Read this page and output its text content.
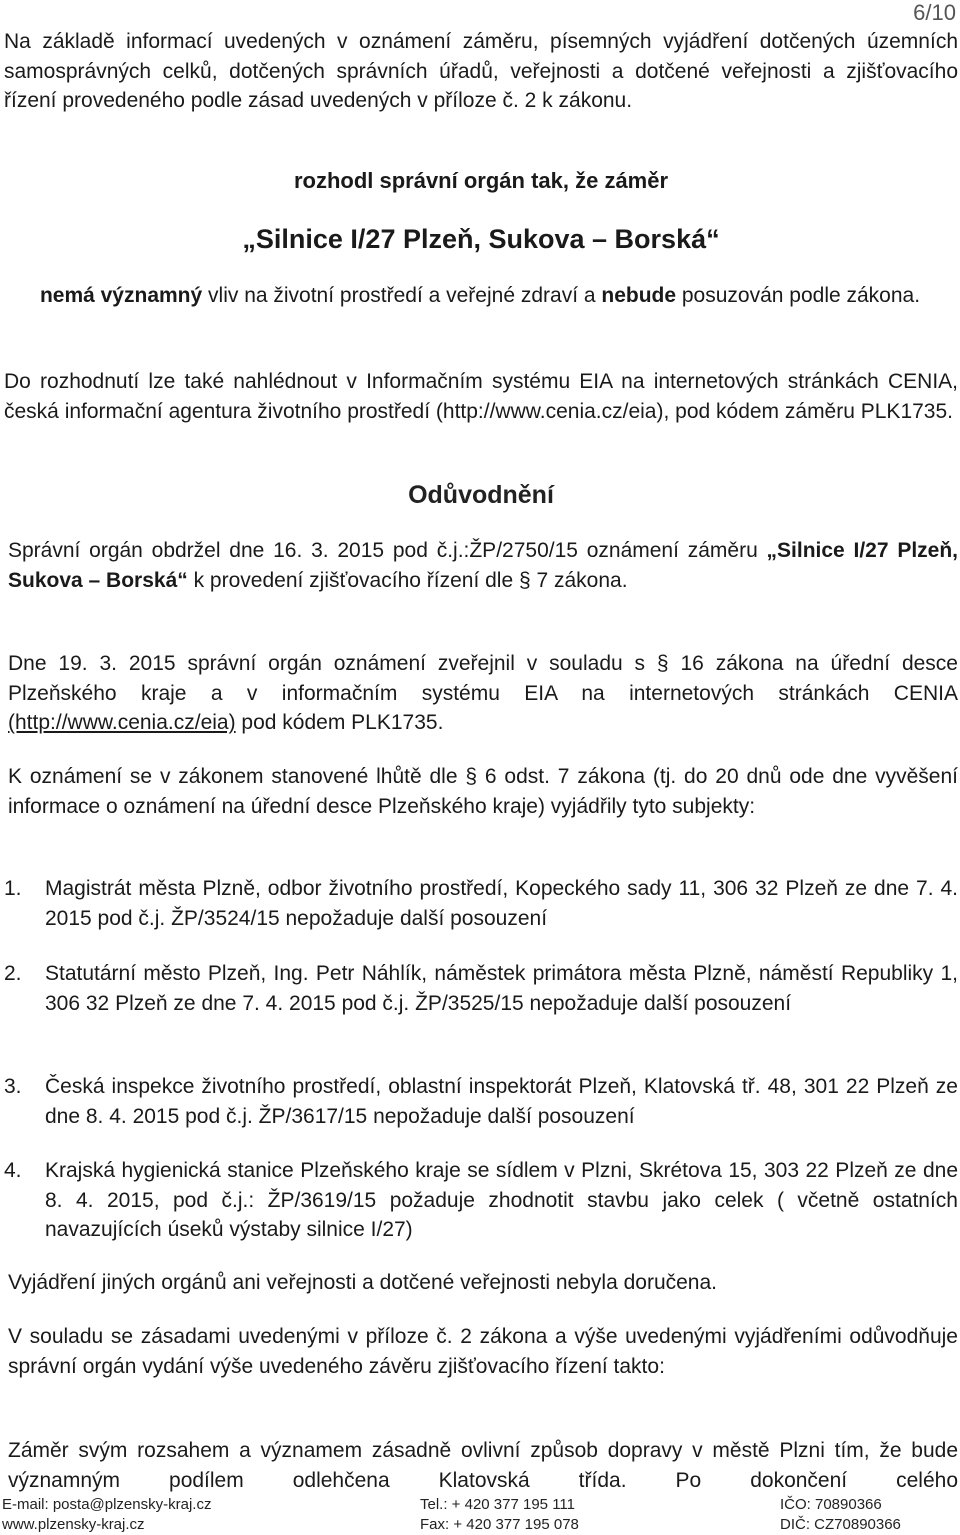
6/10
Na základě informací uvedených v oznámení záměru, písemných vyjádření dotčených územních samosprávných celků, dotčených správních úřadů, veřejnosti a dotčené veřejnosti a zjišťovacího řízení provedeného podle zásad uvedených v příloze č. 2 k zákonu.
rozhodl správní orgán tak, že záměr
„Silnice I/27 Plzeň, Sukova – Borská“
nemá významný vliv na životní prostředí a veřejné zdraví a nebude posuzován podle zákona.
Do rozhodnutí lze také nahlédnout v Informačním systému EIA na internetových stránkách CENIA, česká informační agentura životního prostředí (http://www.cenia.cz/eia), pod kódem záměru PLK1735.
Odůvodnění
Správní orgán obdržel dne 16. 3. 2015 pod č.j.:ŽP/2750/15 oznámení záměru „Silnice I/27 Plzeň, Sukova – Borská“ k provedení zjišťovacího řízení dle § 7 zákona.
Dne 19. 3. 2015 správní orgán oznámení zveřejnil v souladu s § 16 zákona na úřední desce Plzeňského kraje a v informačním systému EIA na internetových stránkách CENIA (http://www.cenia.cz/eia) pod kódem PLK1735.
K oznámení se v zákonem stanovené lhůtě dle § 6 odst. 7 zákona (tj. do 20 dnů ode dne vyvěšení informace o oznámení na úřední desce Plzeňského kraje) vyjádřily tyto subjekty:
1.	Magistrát města Plzně, odbor životního prostředí, Kopeckého sady 11, 306 32 Plzeň ze dne 7. 4. 2015 pod č.j. ŽP/3524/15 nepožaduje další posouzení
2.	Statutární město Plzeň, Ing. Petr Náhlík, náměstek primátora města Plzně, náměstí Republiky 1, 306 32 Plzeň ze dne 7. 4. 2015 pod č.j. ŽP/3525/15 nepožaduje další posouzení
3.	Česká inspekce životního prostředí, oblastní inspektorát Plzeň, Klatovská tř. 48, 301 22 Plzeň ze dne 8. 4. 2015 pod č.j. ŽP/3617/15 nepožaduje další posouzení
4.	Krajská hygienická stanice Plzeňského kraje se sídlem v Plzni, Skrétova 15, 303 22 Plzeň ze dne 8. 4. 2015, pod č.j.: ŽP/3619/15 požaduje zhodnotit stavbu jako celek ( včetně ostatních navazujících úseků výstaby silnice I/27)
Vyjádření jiných orgánů ani veřejnosti a dotčené veřejnosti nebyla doručena.
V souladu se zásadami uvedenými v příloze č. 2 zákona a výše uvedenými vyjádřeními odůvodňuje správní orgán vydání výše uvedeného závěru zjišťovacího řízení takto:
Záměr svým rozsahem a významem zásadně ovlivní způsob dopravy v městě Plzni tím, že bude významným podílem odlehčena Klatovská třída. Po dokončení celého
E-mail: posta@plzensky-kraj.cz
www.plzensky-kraj.cz
Tel.: + 420 377 195 111
Fax: + 420 377 195 078
IČO: 70890366
DIČ: CZ70890366
